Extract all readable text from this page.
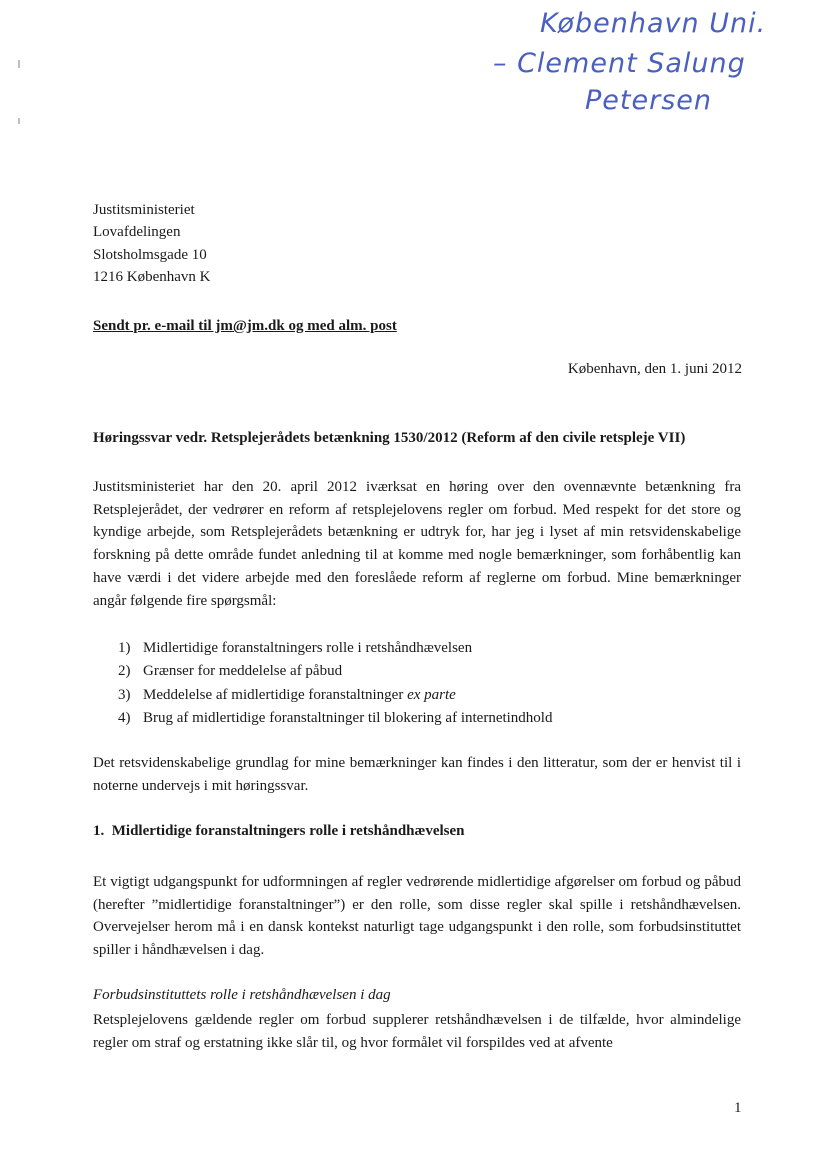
København Uni.
– Clement Salung
Petersen
Justitsministeriet
Lovafdelingen
Slotsholmsgade 10
1216 København K
Sendt pr. e-mail til jm@jm.dk og med alm. post
København, den 1. juni 2012
Høringssvar vedr. Retsplejerådets betænkning 1530/2012 (Reform af den civile retspleje VII)
Justitsministeriet har den 20. april 2012 iværksat en høring over den ovennævnte betænkning fra Retsplejerådet, der vedrører en reform af retsplejelovens regler om forbud. Med respekt for det store og kyndige arbejde, som Retsplejerådets betænkning er udtryk for, har jeg i lyset af min retsvidenskabelige forskning på dette område fundet anledning til at komme med nogle bemærkninger, som forhåbentlig kan have værdi i det videre arbejde med den foreslåede reform af reglerne om forbud. Mine bemærkninger angår følgende fire spørgsmål:
1) Midlertidige foranstaltningers rolle i retshåndhævelsen
2) Grænser for meddelelse af påbud
3) Meddelelse af midlertidige foranstaltninger ex parte
4) Brug af midlertidige foranstaltninger til blokering af internetindhold
Det retsvidenskabelige grundlag for mine bemærkninger kan findes i den litteratur, som der er henvist til i noterne undervejs i mit høringssvar.
1.  Midlertidige foranstaltningers rolle i retshåndhævelsen
Et vigtigt udgangspunkt for udformningen af regler vedrørende midlertidige afgørelser om forbud og påbud (herefter ”midlertidige foranstaltninger”) er den rolle, som disse regler skal spille i retshåndhævelsen. Overvejelser herom må i en dansk kontekst naturligt tage udgangspunkt i den rolle, som forbudsinstituttet spiller i håndhævelsen i dag.
Forbudsinstituttets rolle i retshåndhævelsen i dag
Retsplejelovens gældende regler om forbud supplerer retshåndhævelsen i de tilfælde, hvor almindelige regler om straf og erstatning ikke slår til, og hvor formålet vil forspildes ved at afvente
1
